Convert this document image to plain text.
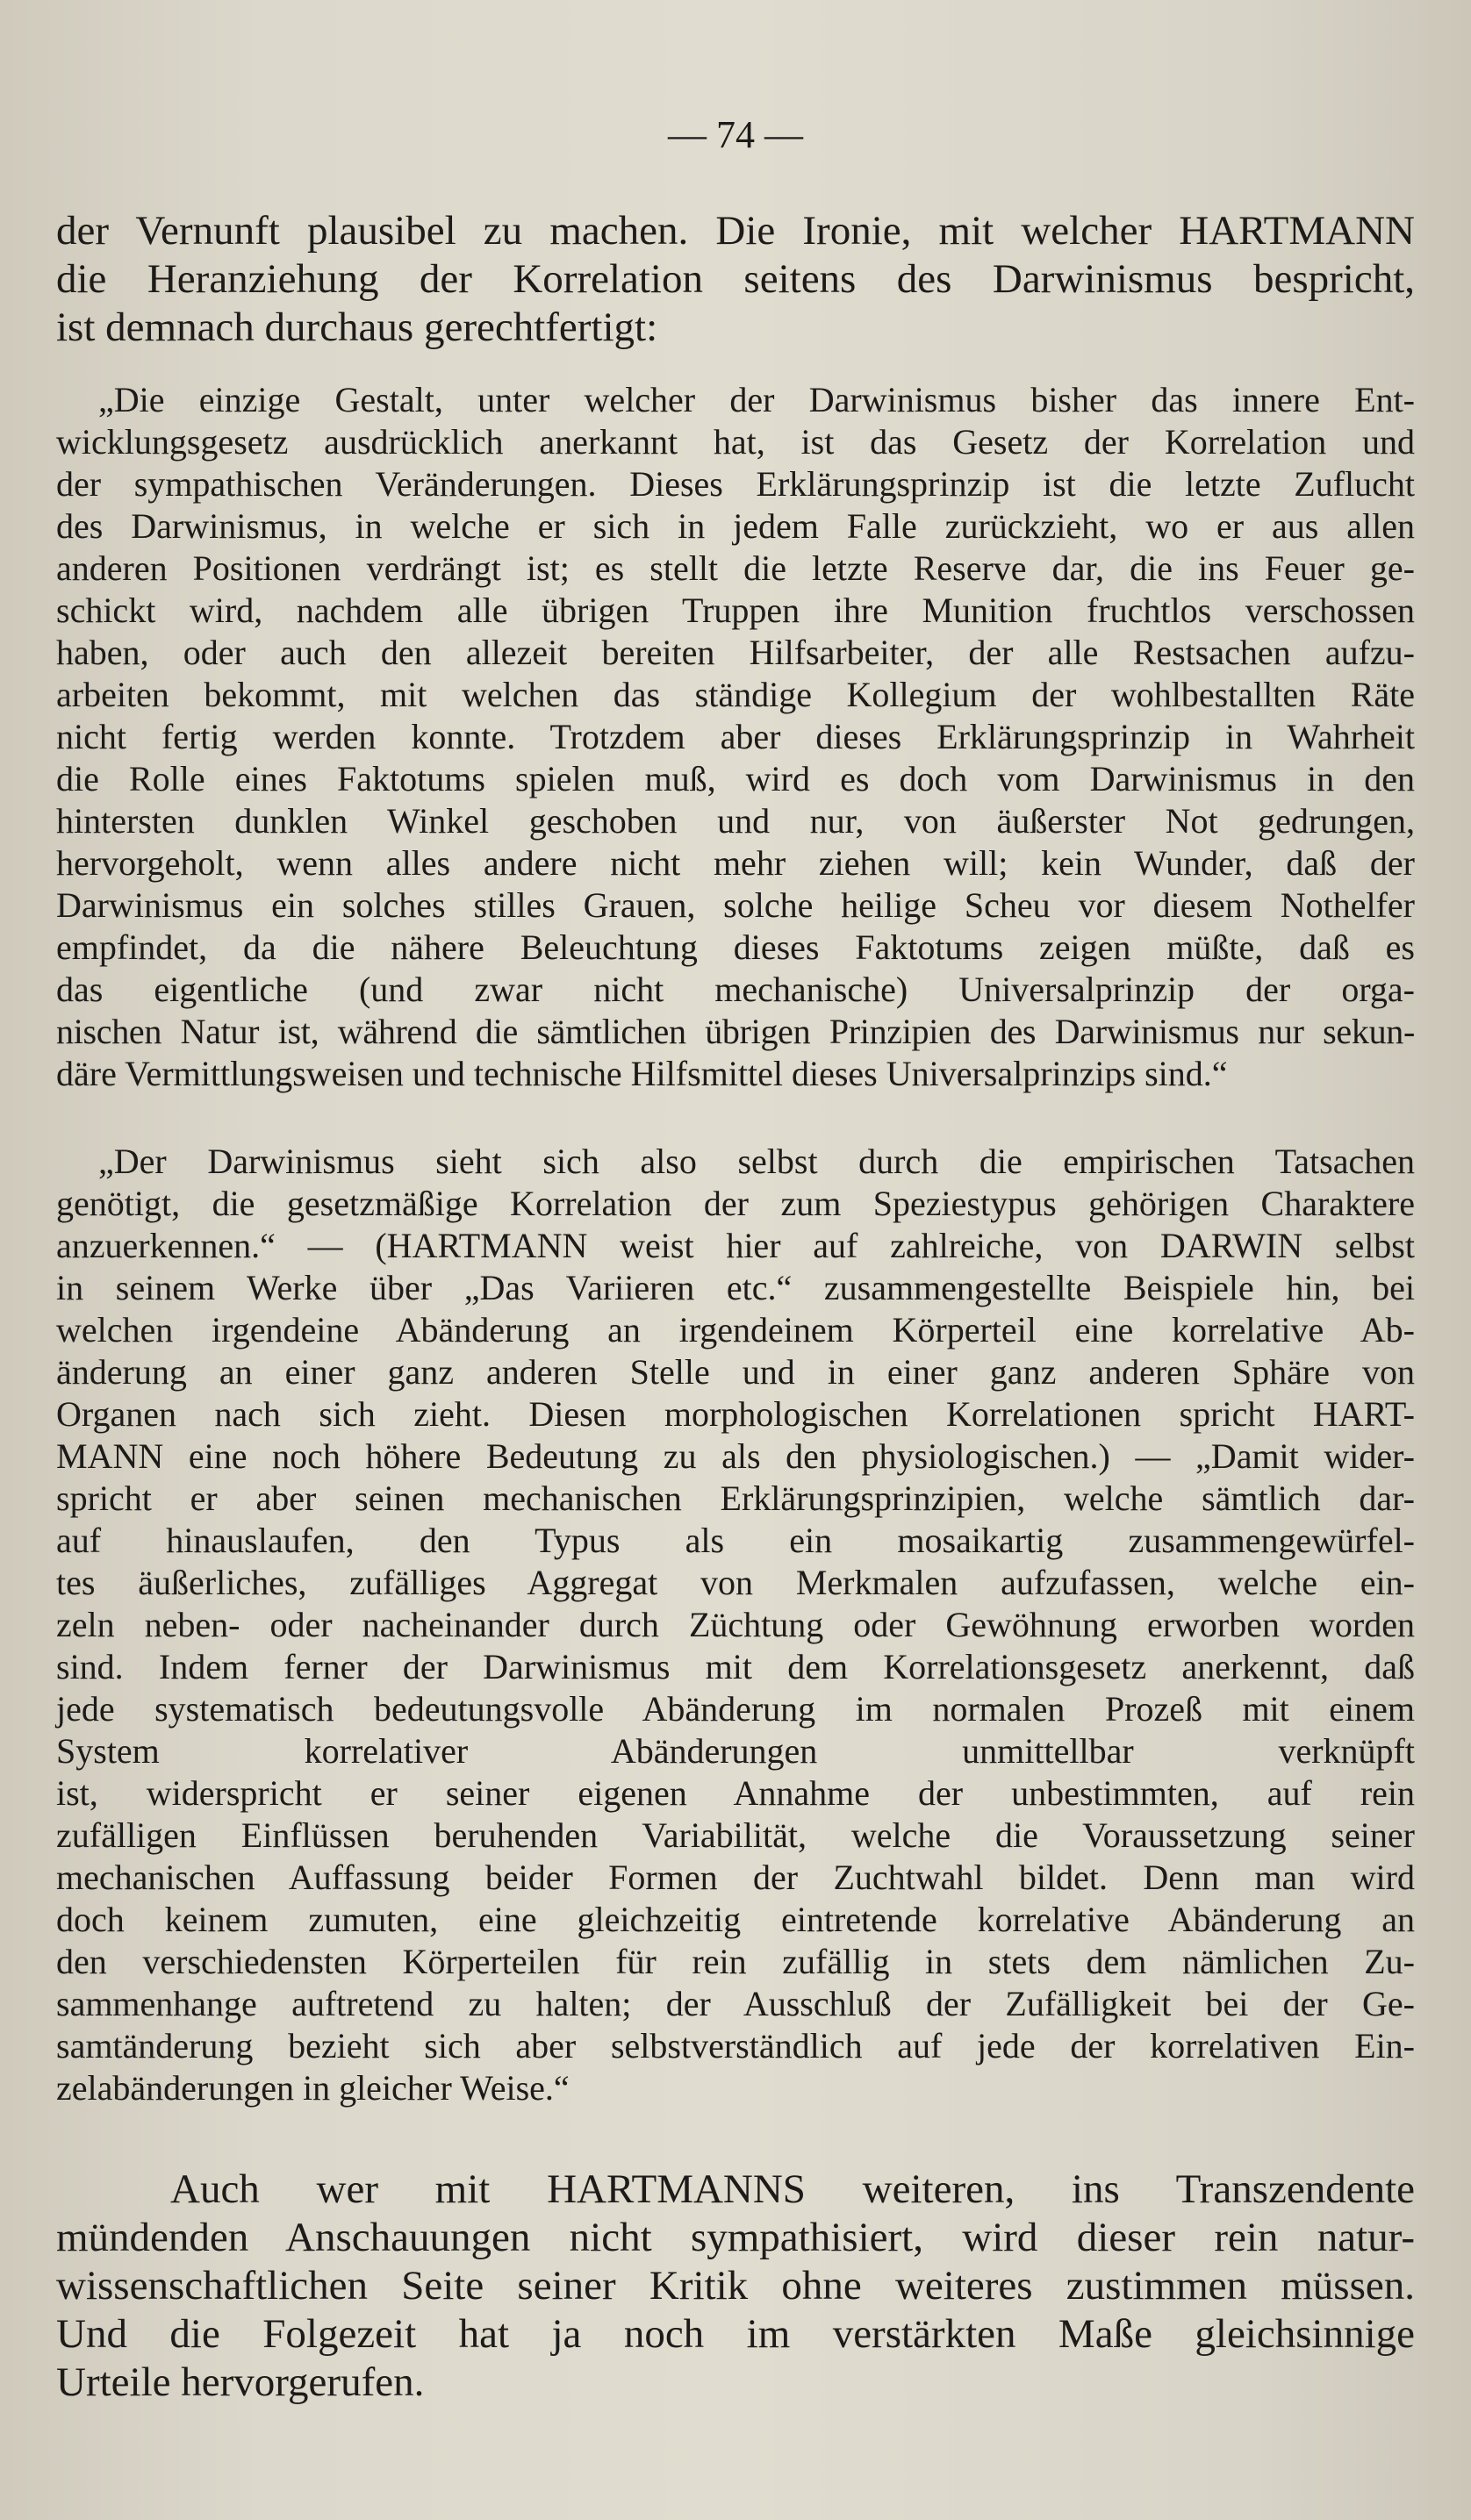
— 74 —
der Vernunft plausibel zu machen. Die Ironie, mit welcher HARTMANN
die Heranziehung der Korrelation seitens des Darwinismus bespricht,
ist demnach durchaus gerechtfertigt:
„Die einzige Gestalt, unter welcher der Darwinismus bisher das innere Ent-
wicklungsgesetz ausdrücklich anerkannt hat, ist das Gesetz der Korrelation und
der sympathischen Veränderungen. Dieses Erklärungsprinzip ist die letzte Zuflucht
des Darwinismus, in welche er sich in jedem Falle zurückzieht, wo er aus allen
anderen Positionen verdrängt ist; es stellt die letzte Reserve dar, die ins Feuer ge-
schickt wird, nachdem alle übrigen Truppen ihre Munition fruchtlos verschossen
haben, oder auch den allezeit bereiten Hilfsarbeiter, der alle Restsachen aufzu-
arbeiten bekommt, mit welchen das ständige Kollegium der wohlbestallten Räte
nicht fertig werden konnte. Trotzdem aber dieses Erklärungsprinzip in Wahrheit
die Rolle eines Faktotums spielen muß, wird es doch vom Darwinismus in den
hintersten dunklen Winkel geschoben und nur, von äußerster Not gedrungen,
hervorgeholt, wenn alles andere nicht mehr ziehen will; kein Wunder, daß der
Darwinismus ein solches stilles Grauen, solche heilige Scheu vor diesem Nothelfer
empfindet, da die nähere Beleuchtung dieses Faktotums zeigen müßte, daß es
das eigentliche (und zwar nicht mechanische) Universalprinzip der orga-
nischen Natur ist, während die sämtlichen übrigen Prinzipien des Darwinismus nur sekun-
däre Vermittlungsweisen und technische Hilfsmittel dieses Universalprinzips sind.“
„Der Darwinismus sieht sich also selbst durch die empirischen Tatsachen
genötigt, die gesetzmäßige Korrelation der zum Speziestypus gehörigen Charaktere
anzuerkennen.“ — (HARTMANN weist hier auf zahlreiche, von DARWIN selbst
in seinem Werke über „Das Variieren etc.“ zusammengestellte Beispiele hin, bei
welchen irgendeine Abänderung an irgendeinem Körperteil eine korrelative Ab-
änderung an einer ganz anderen Stelle und in einer ganz anderen Sphäre von
Organen nach sich zieht. Diesen morphologischen Korrelationen spricht HART-
MANN eine noch höhere Bedeutung zu als den physiologischen.) — „Damit wider-
spricht er aber seinen mechanischen Erklärungsprinzipien, welche sämtlich dar-
auf hinauslaufen, den Typus als ein mosaikartig zusammengewürfel-
tes äußerliches, zufälliges Aggregat von Merkmalen aufzufassen, welche ein-
zeln neben- oder nacheinander durch Züchtung oder Gewöhnung erworben worden
sind. Indem ferner der Darwinismus mit dem Korrelationsgesetz anerkennt, daß
jede systematisch bedeutungsvolle Abänderung im normalen Prozeß mit einem
System korrelativer Abänderungen unmittellbar verknüpft
ist, widerspricht er seiner eigenen Annahme der unbestimmten, auf rein
zufälligen Einflüssen beruhenden Variabilität, welche die Voraussetzung seiner
mechanischen Auffassung beider Formen der Zuchtwahl bildet. Denn man wird
doch keinem zumuten, eine gleichzeitig eintretende korrelative Abänderung an
den verschiedensten Körperteilen für rein zufällig in stets dem nämlichen Zu-
sammenhange auftretend zu halten; der Ausschluß der Zufälligkeit bei der Ge-
samtänderung bezieht sich aber selbstverständlich auf jede der korrelativen Ein-
zelabänderungen in gleicher Weise.“
Auch wer mit HARTMANNS weiteren, ins Transzendente
mündenden Anschauungen nicht sympathisiert, wird dieser rein natur-
wissenschaftlichen Seite seiner Kritik ohne weiteres zustimmen müssen.
Und die Folgezeit hat ja noch im verstärkten Maße gleichsinnige
Urteile hervorgerufen.
